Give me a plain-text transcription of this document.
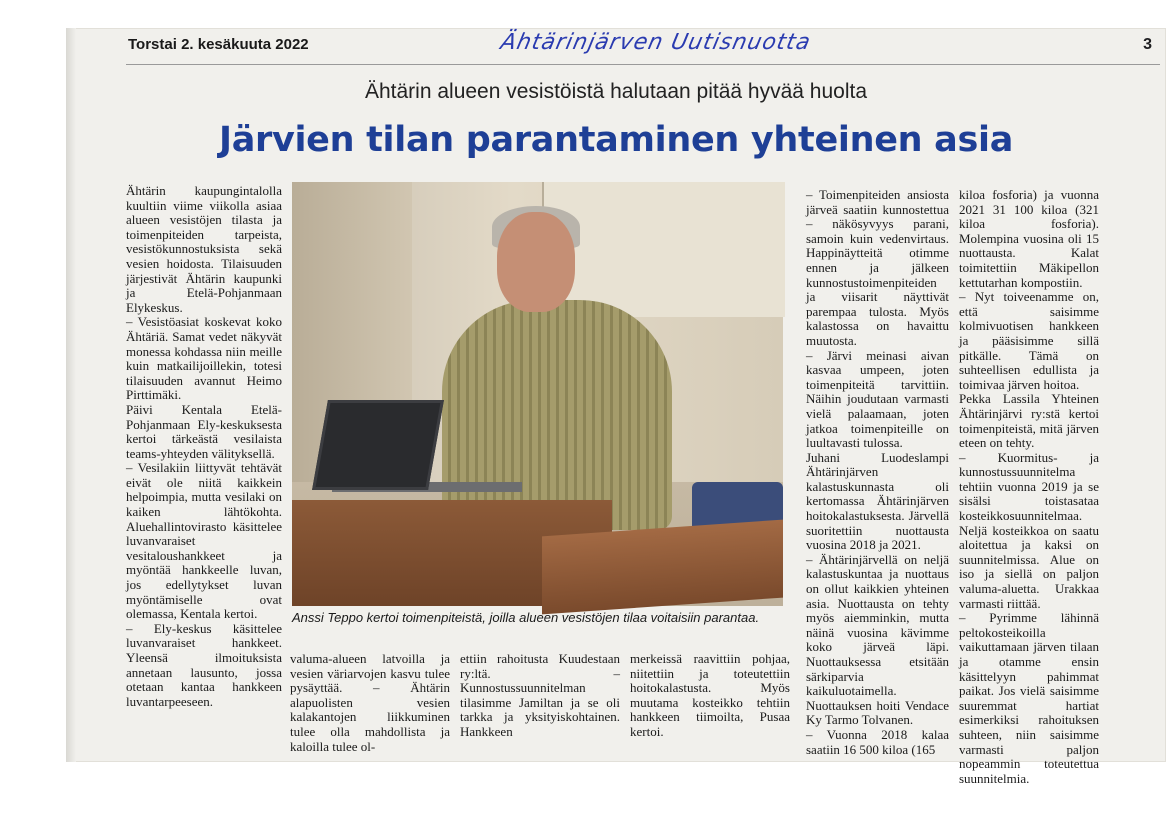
Torstai 2. kesäkuuta 2022	Ähtärinjärven Uutisnuotta	3
Ähtärin alueen vesistöistä halutaan pitää hyvää huolta
Järvien tilan parantaminen yhteinen asia

Ähtärin kaupungintalolla kuultiin viime viikolla asiaa alueen vesistöjen tilasta ja toimenpiteiden tarpeista, vesistökunnostuksista sekä vesien hoidosta. Tilaisuuden järjestivät Ähtärin kaupunki ja Etelä-Pohjanmaan Elykeskus.

– Vesistöasiat koskevat koko Ähtäriä. Samat vedet näkyvät monessa kohdassa niin meille kuin matkailijoillekin, totesi tilaisuuden avannut Heimo Pirttimäki.

Päivi Kentala Etelä-Pohjanmaan Ely-keskuksesta kertoi tärkeästä vesilaista teams-yhteyden välityksellä.

– Vesilakiin liittyvät tehtävät eivät ole niitä kaikkein helpoimpia, mutta vesilaki on kaiken lähtökohta. Aluehallintovirasto käsittelee luvanvaraiset vesitaloushankkeet ja myöntää hankkeelle luvan, jos edellytykset luvan myöntämiselle ovat olemassa, Kentala kertoi.

– Ely-keskus käsittelee luvanvaraiset hankkeet. Yleensä ilmoituksista annetaan lausunto, jossa otetaan kantaa hankkeen luvantarpeeseen.

Anssi Teppo kertoi toimenpiteistä, joilla alueen vesistöjen tilaa voitaisiin parantaa.

valuma-alueen latvoilla ja vesien väriarvojen kasvu tulee pysäyttää. – Ähtärin alapuolisten vesien kalakantojen liikkuminen tulee olla mahdollista ja kaloilla tulee ol-

ettiin rahoitusta Kuudestaan ry:ltä. – Kunnostussuunnitelman tilasimme Jamiltan ja se oli tarkka ja yksityiskohtainen. Hankkeen

merkeissä raavittiin pohjaa, niitettiin ja toteutettiin hoitokalastusta. Myös muutama kosteikko tehtiin hankkeen tiimoilta, Pusaa kertoi.

– Toimenpiteiden ansiosta järveä saatiin kunnostettua – näkösyvyys parani, samoin kuin vedenvirtaus. Happinäytteitä otimme ennen ja jälkeen kunnostustoimenpiteiden ja viisarit näyttivät parempaa tulosta. Myös kalastossa on havaittu muutosta.

– Järvi meinasi aivan kasvaa umpeen, joten toimenpiteitä tarvittiin. Näihin joudutaan varmasti vielä palaamaan, joten jatkoa toimenpiteille on luultavasti tulossa.

Juhani Luodeslampi Ähtärinjärven kalastuskunnasta oli kertomassa Ähtärinjärven hoitokalastuksesta. Järvellä suoritettiin nuottausta vuosina 2018 ja 2021.

– Ähtärinjärvellä on neljä kalastuskuntaa ja nuottaus on ollut kaikkien yhteinen asia. Nuottausta on tehty myös aiemminkin, mutta näinä vuosina kävimme koko järveä läpi. Nuottauksessa etsitään särkiparvia kaikuluotaimella. Nuottauksen hoiti Vendace Ky Tarmo Tolvanen.

– Vuonna 2018 kalaa saatiin 16 500 kiloa (165

kiloa fosforia) ja vuonna 2021 31 100 kiloa (321 kiloa fosforia). Molempina vuosina oli 15 nuottausta. Kalat toimitettiin Mäkipellon kettutarhan kompostiin.

– Nyt toiveenamme on, että saisimme kolmivuotisen hankkeen ja pääsisimme sillä pitkälle. Tämä on suhteellisen edullista ja toimivaa järven hoitoa.

Pekka Lassila Yhteinen Ähtärinjärvi ry:stä kertoi toimenpiteistä, mitä järven eteen on tehty.

– Kuormitus- ja kunnostussuunnitelma tehtiin vuonna 2019 ja se sisälsi toistasataa kosteikkosuunnitelmaa. Neljä kosteikkoa on saatu aloitettua ja kaksi on suunnitelmissa. Alue on iso ja siellä on paljon valuma-aluetta. Urakkaa varmasti riittää.

– Pyrimme lähinnä peltokosteikoilla vaikuttamaan järven tilaan ja otamme ensin käsittelyyn pahimmat paikat. Jos vielä saisimme suuremmat hartiat esimerkiksi rahoituksen suhteen, niin saisimme varmasti paljon nopeammin toteutettua suunnitelmia.
